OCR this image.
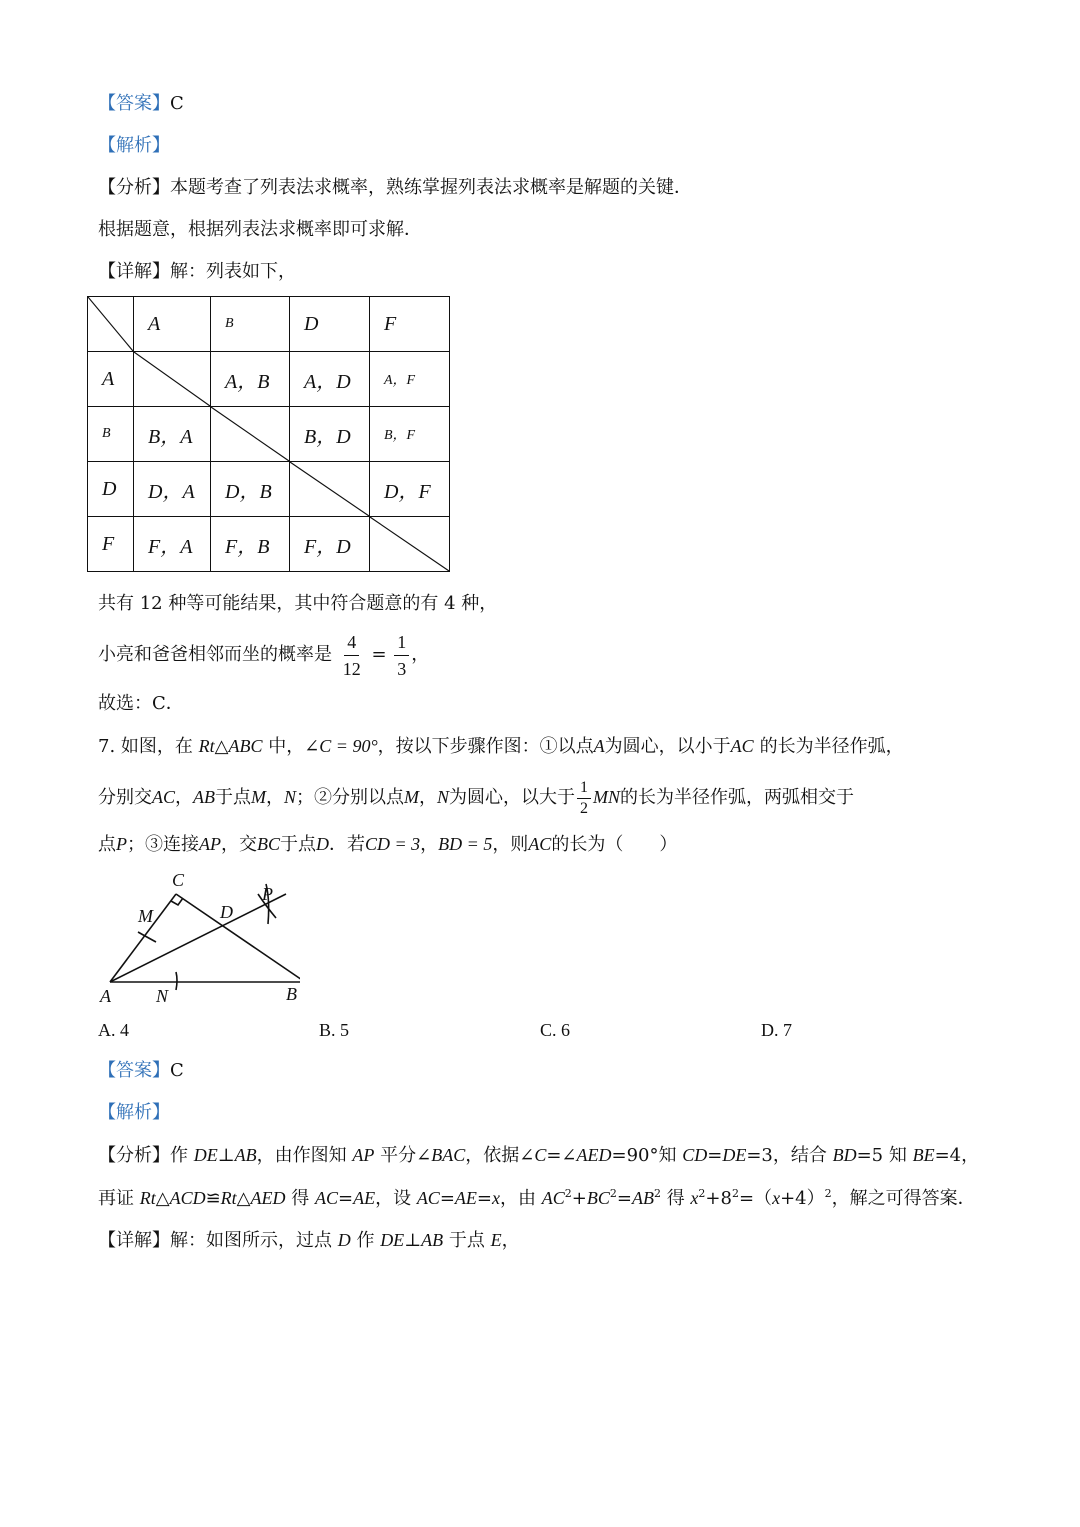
【答案】C
【解析】
【分析】本题考查了列表法求概率，熟练掌握列表法求概率是解题的关键．
根据题意，根据列表法求概率即可求解．
【详解】解：列表如下，
	A	B	D	F
A		A，B	A，D	A，F
B	B，A		B，D	B，F
D	D，A	D，B		D，F
F	F，A	F，B	F，D	
共有 12 种等可能结果，其中符合题意的有 4 种，
小亮和爸爸相邻而坐的概率是 $\frac{4}{12} = \frac{1}{3}$ ，
故选：C．
7. 如图，在 Rt△ABC 中，∠C = 90°，按以下步骤作图：①以点A为圆心，以小于AC 的长为半径作弧，
分别交AC，AB于点M，N；②分别以点M，N为圆心，以大于 $\frac{1}{2}$ MN的长为半径作弧，两弧相交于
点P；③连接AP，交BC于点D．若CD = 3，BD = 5，则AC的长为（　　）
C
M	D
P
A	N	B
A. 4	B. 5	C. 6	D. 7
【答案】C
【解析】
【分析】作 DE⊥AB，由作图知 AP 平分∠BAC，依据∠C=∠AED=90°知 CD=DE=3，结合 BD=5 知 BE=4，
再证 Rt△ACD≌Rt△AED 得 AC=AE，设 AC=AE=x，由 $AC^2+BC^2=AB^2$ 得 $x^2+8^2=(x+4)^2$，解之可得答案．
【详解】解：如图所示，过点 D 作 DE⊥AB 于点 E，
